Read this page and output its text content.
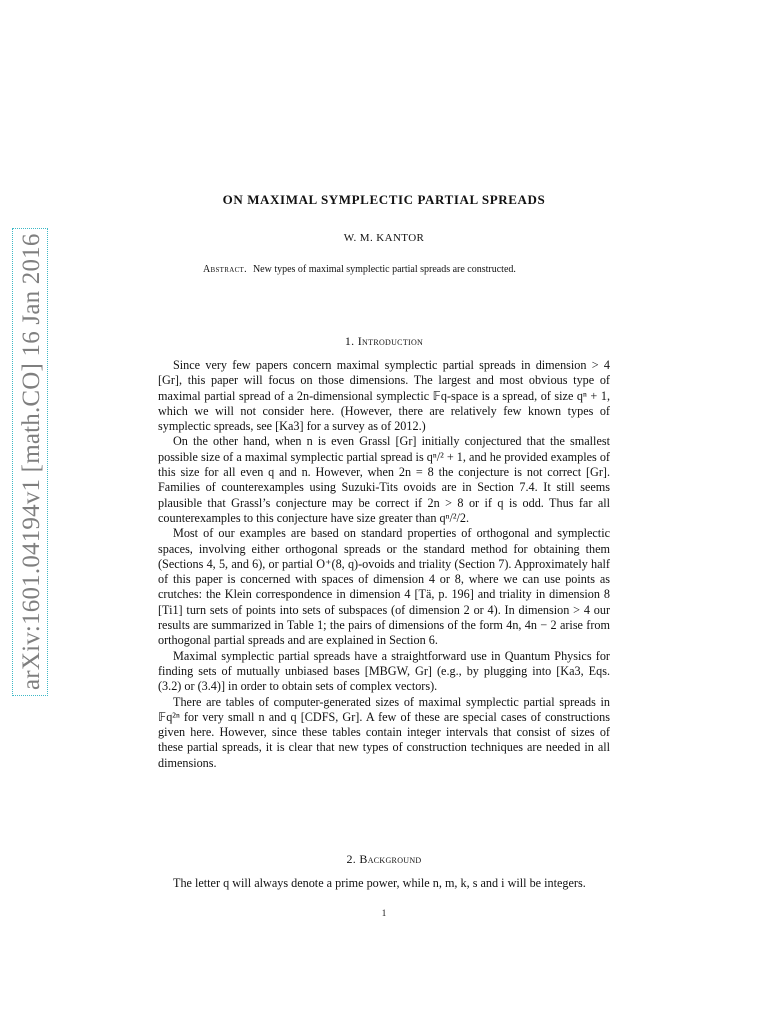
arXiv:1601.04194v1 [math.CO] 16 Jan 2016
ON MAXIMAL SYMPLECTIC PARTIAL SPREADS
W. M. KANTOR
Abstract. New types of maximal symplectic partial spreads are constructed.
1. Introduction

Since very few papers concern maximal symplectic partial spreads in dimension > 4 [Gr], this paper will focus on those dimensions. The largest and most obvious type of maximal partial spread of a 2n-dimensional symplectic 𝔽q-space is a spread, of size qⁿ + 1, which we will not consider here. (However, there are relatively few known types of symplectic spreads, see [Ka3] for a survey as of 2012.)

On the other hand, when n is even Grassl [Gr] initially conjectured that the smallest possible size of a maximal symplectic partial spread is qⁿ/² + 1, and he provided examples of this size for all even q and n. However, when 2n = 8 the conjecture is not correct [Gr]. Families of counterexamples using Suzuki-Tits ovoids are in Section 7.4. It still seems plausible that Grassl’s conjecture may be correct if 2n > 8 or if q is odd. Thus far all counterexamples to this conjecture have size greater than qⁿ/²/2.

Most of our examples are based on standard properties of orthogonal and symplectic spaces, involving either orthogonal spreads or the standard method for obtaining them (Sections 4, 5, and 6), or partial O⁺(8, q)-ovoids and triality (Section 7). Approximately half of this paper is concerned with spaces of dimension 4 or 8, where we can use points as crutches: the Klein correspondence in dimension 4 [Tä, p. 196] and triality in dimension 8 [Ti1] turn sets of points into sets of subspaces (of dimension 2 or 4). In dimension > 4 our results are summarized in Table 1; the pairs of dimensions of the form 4n, 4n − 2 arise from orthogonal partial spreads and are explained in Section 6.

Maximal symplectic partial spreads have a straightforward use in Quantum Physics for finding sets of mutually unbiased bases [MBGW, Gr] (e.g., by plugging into [Ka3, Eqs. (3.2) or (3.4)] in order to obtain sets of complex vectors).

There are tables of computer-generated sizes of maximal symplectic partial spreads in 𝔽q²ⁿ for very small n and q [CDFS, Gr]. A few of these are special cases of constructions given here. However, since these tables contain integer intervals that consist of sizes of these partial spreads, it is clear that new types of construction techniques are needed in all dimensions.

2. Background

The letter q will always denote a prime power, while n, m, k, s and i will be integers.

1
